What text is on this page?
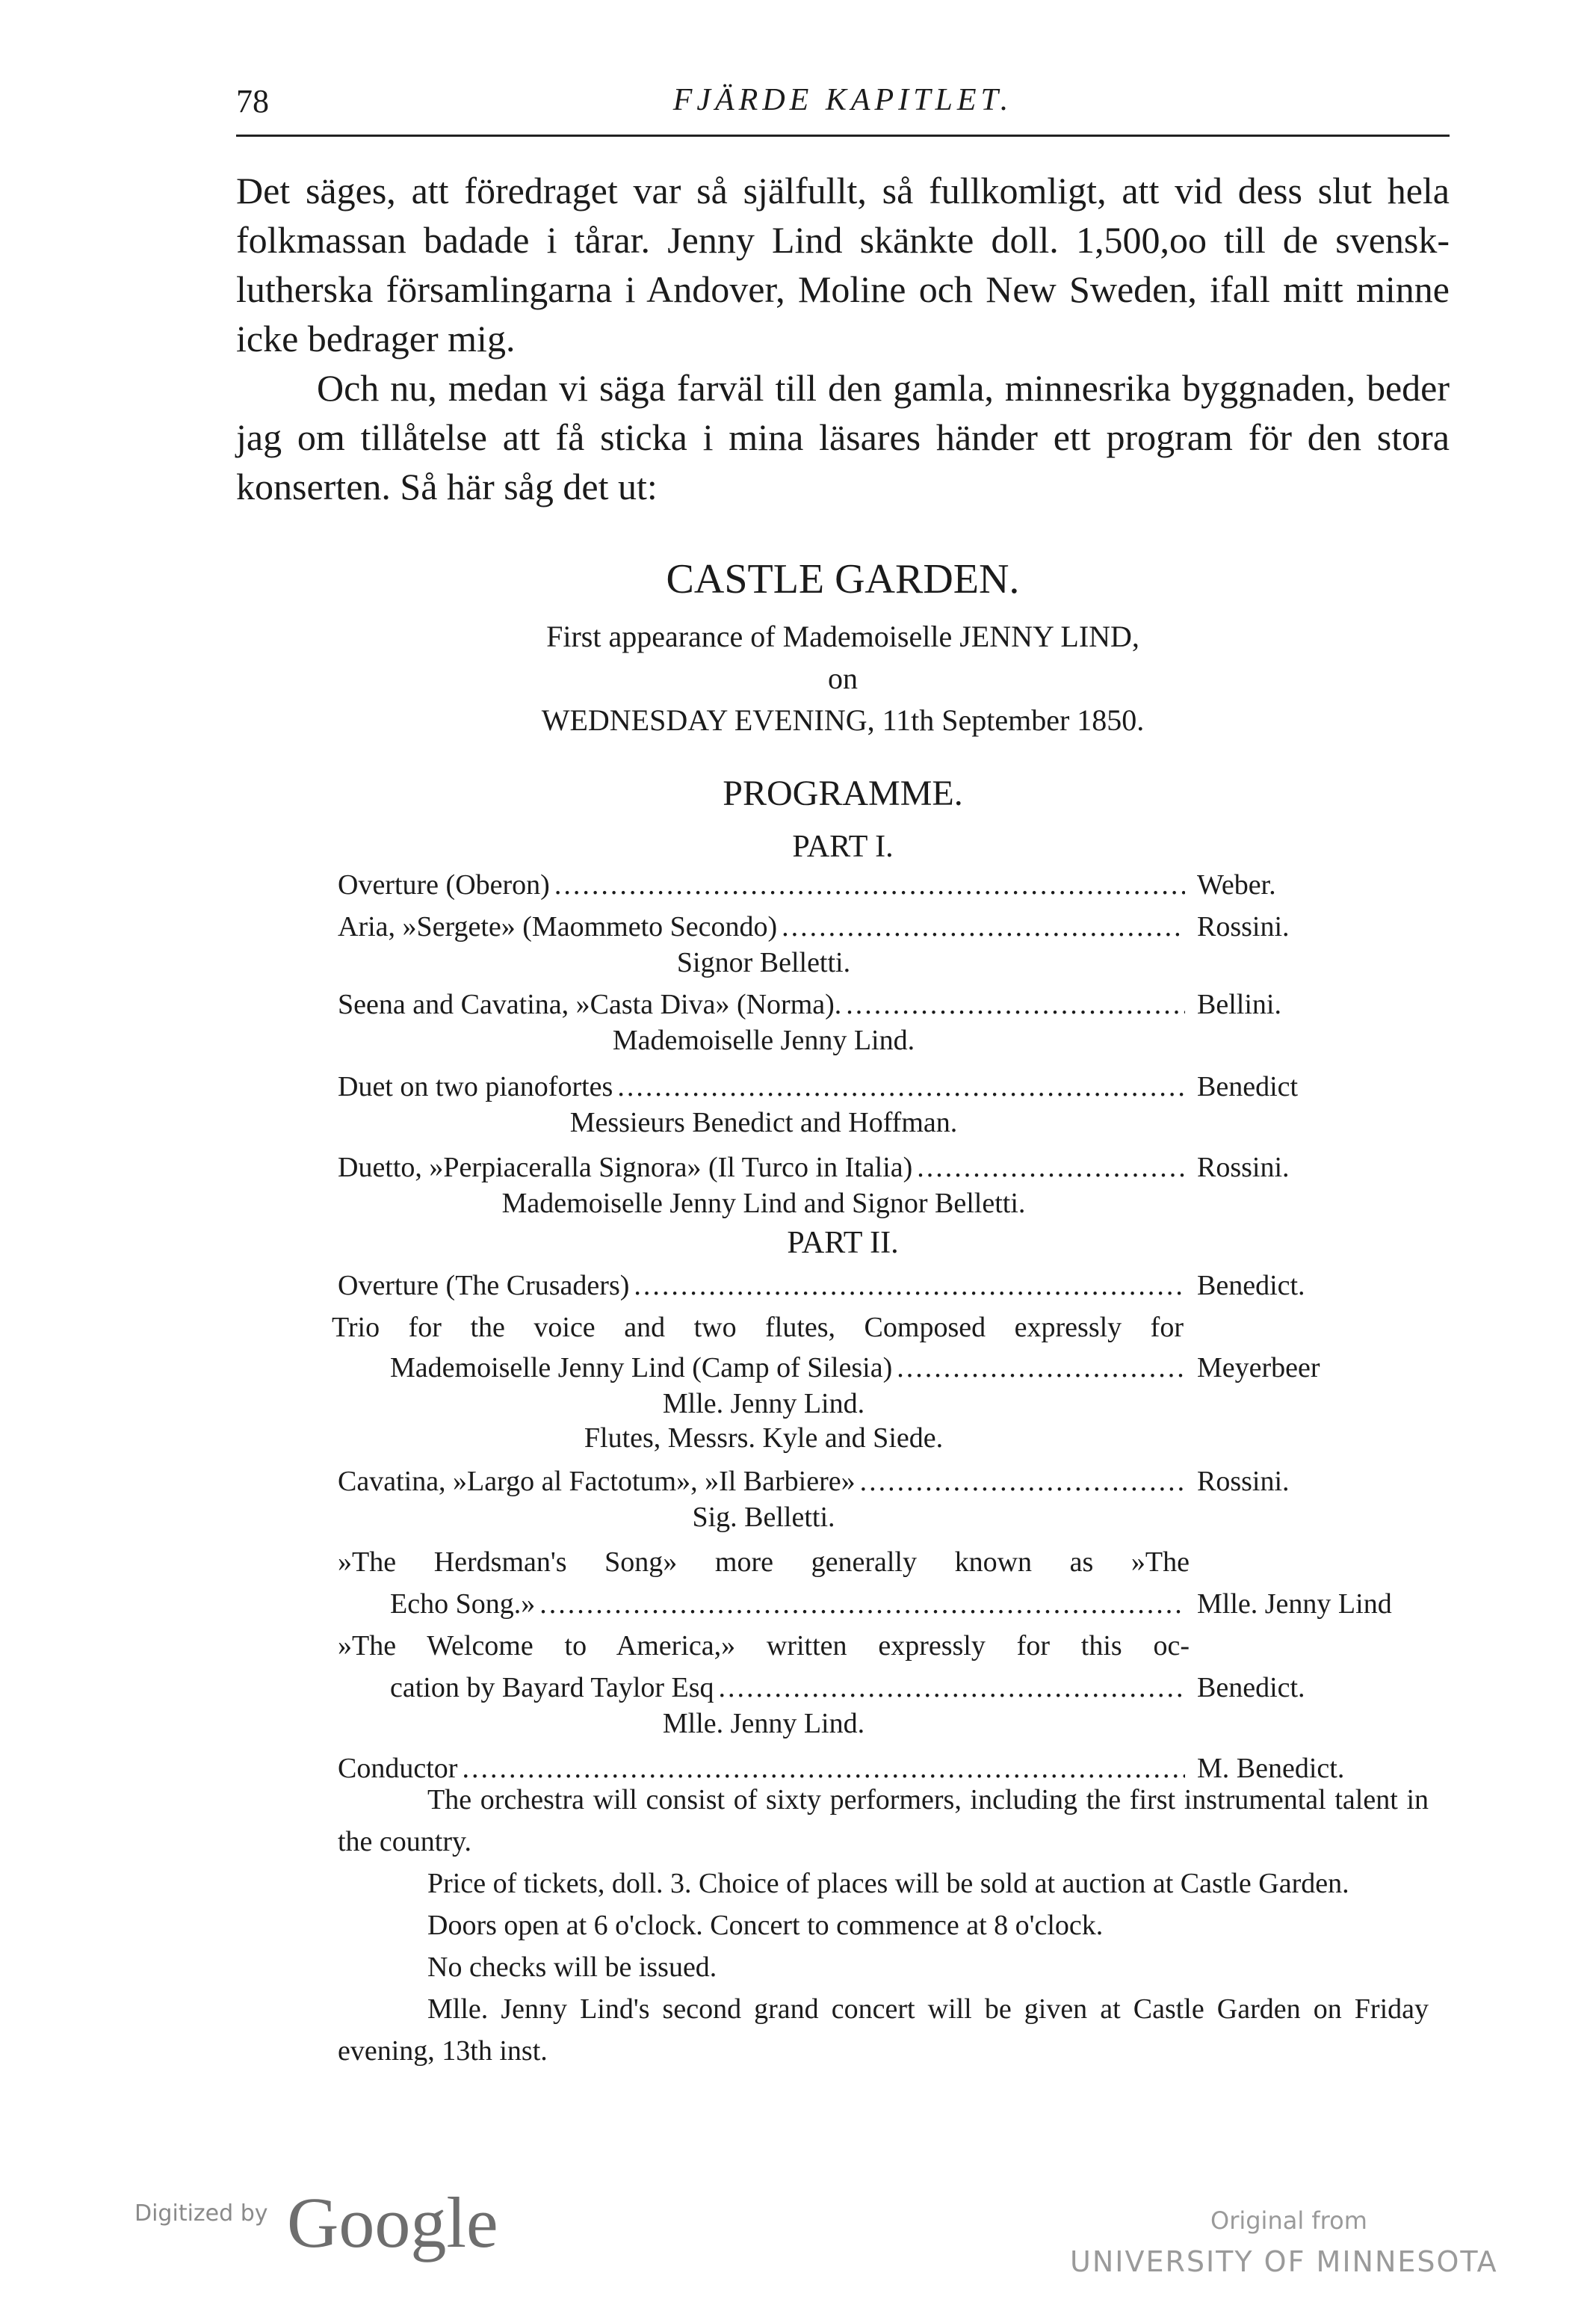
78	FJÄRDE KAPITLET.

Det säges, att föredraget var så själfullt, så fullkomligt, att vid dess slut hela folkmassan badade i tårar. Jenny Lind skänkte doll. 1,500,oo till de svensk-lutherska församlingarna i Andover, Moline och New Sweden, ifall mitt minne icke bedrager mig.

Och nu, medan vi säga farväl till den gamla, minnesrika byggnaden, beder jag om tillåtelse att få sticka i mina läsares händer ett program för den stora konserten. Så här såg det ut:

CASTLE GARDEN.
First appearance of Mademoiselle JENNY LIND,
on
WEDNESDAY EVENING, 11th September 1850.
PROGRAMME.
PART I.
Overture (Oberon) .....	Weber.
Aria, »Sergete» (Maommeto Secondo) .....	Rossini.
Signor Belletti.
Seena and Cavatina, »Casta Diva» (Norma). .....	Bellini.
Mademoiselle Jenny Lind.
Duet on two pianofortes .....	Benedict
Messieurs Benedict and Hoffman.
Duetto, »Perpiaceralla Signora» (Il Turco in Italia) .....	Rossini.
Mademoiselle Jenny Lind and Signor Belletti.
PART II.
Overture (The Crusaders) .....	Benedict.
Trio for the voice and two flutes, Composed expressly for
Mademoiselle Jenny Lind (Camp of Silesia) .....	Meyerbeer
Mlle. Jenny Lind.
Flutes, Messrs. Kyle and Siede.
Cavatina, »Largo al Factotum», »Il Barbiere» .....	Rossini.
Sig. Belletti.
»The Herdsman's Song» more generally known as »The
Echo Song.» .....	Mlle. Jenny Lind
»The Welcome to America,» written expressly for this oc-
cation by Bayard Taylor Esq .....	Benedict.
Mlle. Jenny Lind.
Conductor .....	M. Benedict.

The orchestra will consist of sixty performers, including the first instrumental talent in the country.

Price of tickets, doll. 3. Choice of places will be sold at auction at Castle Garden.

Doors open at 6 o'clock. Concert to commence at 8 o'clock.

No checks will be issued.

Mlle. Jenny Lind's second grand concert will be given at Castle Garden on Friday evening, 13th inst.

Digitized by Google	Original from
UNIVERSITY OF MINNESOTA
